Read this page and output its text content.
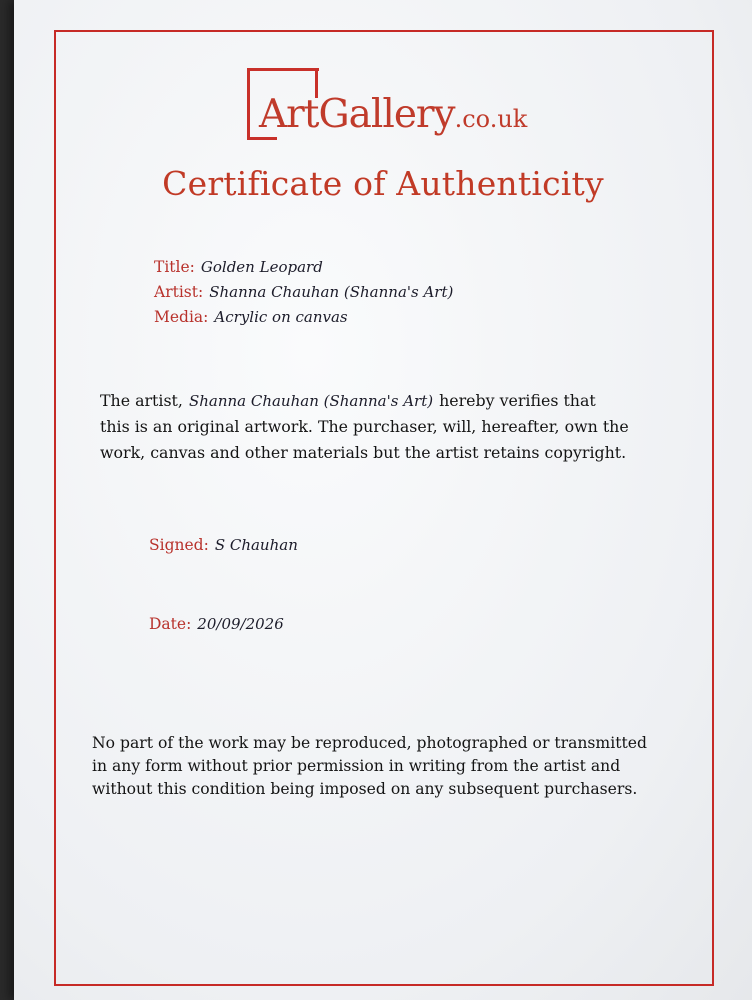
ArtGallery.co.uk
Certificate of Authenticity
Title: Golden Leopard
Artist: Shanna Chauhan (Shanna's Art)
Media: Acrylic on canvas
The artist, Shanna Chauhan (Shanna's Art) hereby verifies that
this is an original artwork. The purchaser, will, hereafter, own the
work, canvas and other materials but the artist retains copyright.
Signed: S Chauhan
Date: 20/09/2026
No part of the work may be reproduced, photographed or transmitted
in any form without prior permission in writing from the artist and
without this condition being imposed on any subsequent purchasers.
